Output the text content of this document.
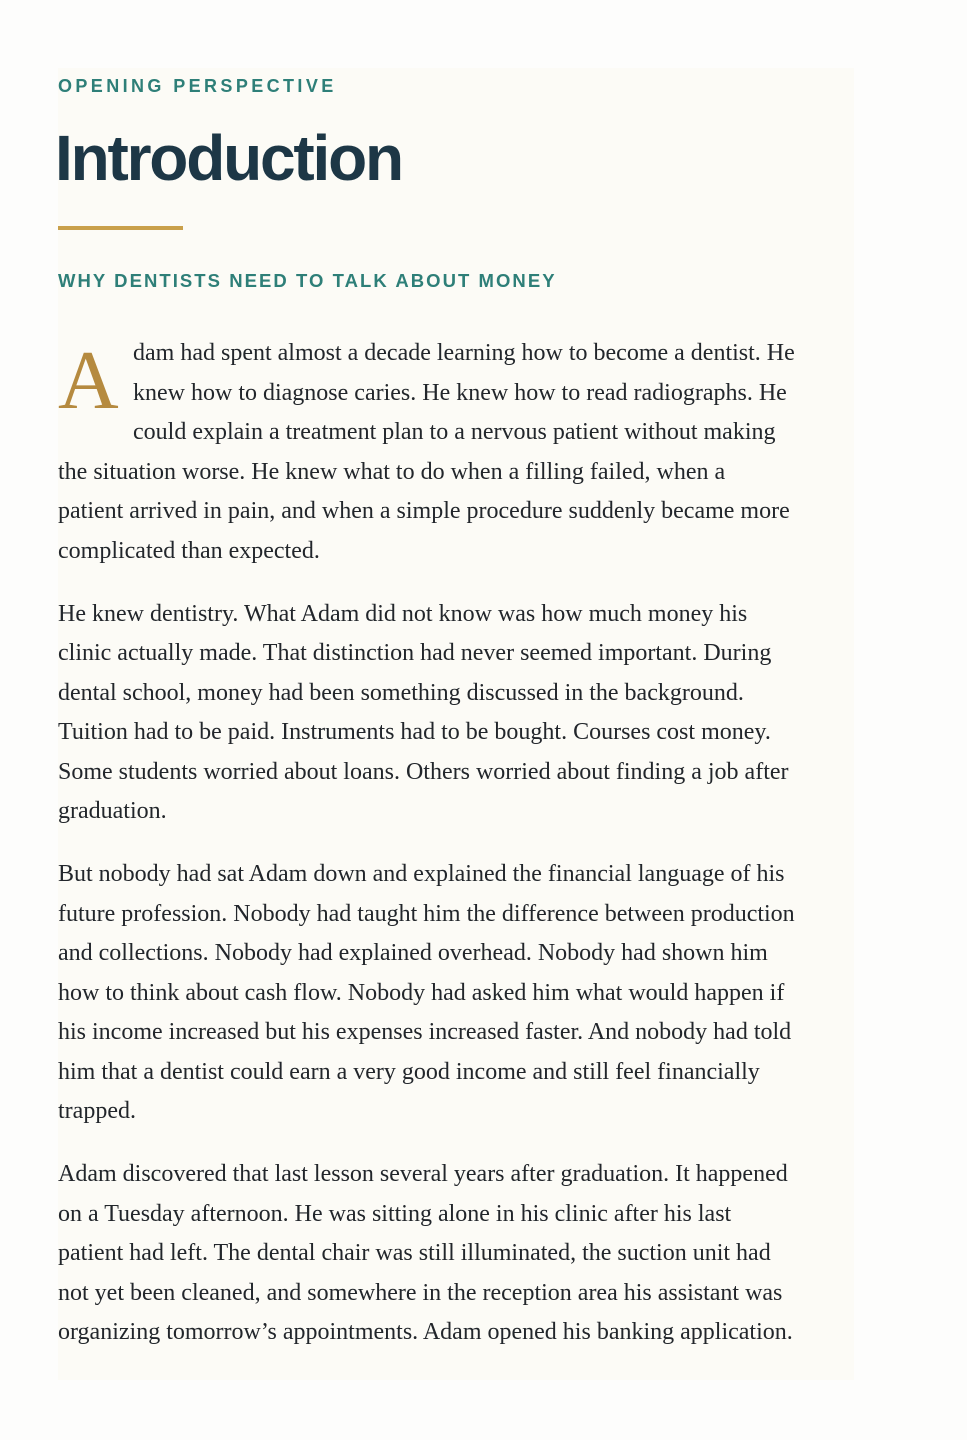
OPENING PERSPECTIVE

Introduction
WHY DENTISTS NEED TO TALK ABOUT MONEY

A dam had spent almost a decade learning how to become a dentist. He
knew how to diagnose caries. He knew how to read radiographs. He
could explain a treatment plan to a nervous patient without making
the situation worse. He knew what to do when a filling failed, when a
patient arrived in pain, and when a simple procedure suddenly became more
complicated than expected.

He knew dentistry. What Adam did not know was how much money his
clinic actually made. That distinction had never seemed important. During
dental school, money had been something discussed in the background.
Tuition had to be paid. Instruments had to be bought. Courses cost money.
Some students worried about loans. Others worried about finding a job after
graduation.

But nobody had sat Adam down and explained the financial language of his
future profession. Nobody had taught him the difference between production
and collections. Nobody had explained overhead. Nobody had shown him
how to think about cash flow. Nobody had asked him what would happen if
his income increased but his expenses increased faster. And nobody had told
him that a dentist could earn a very good income and still feel financially
trapped.

Adam discovered that last lesson several years after graduation. It happened
on a Tuesday afternoon. He was sitting alone in his clinic after his last
patient had left. The dental chair was still illuminated, the suction unit had
not yet been cleaned, and somewhere in the reception area his assistant was
organizing tomorrow’s appointments. Adam opened his banking application.
